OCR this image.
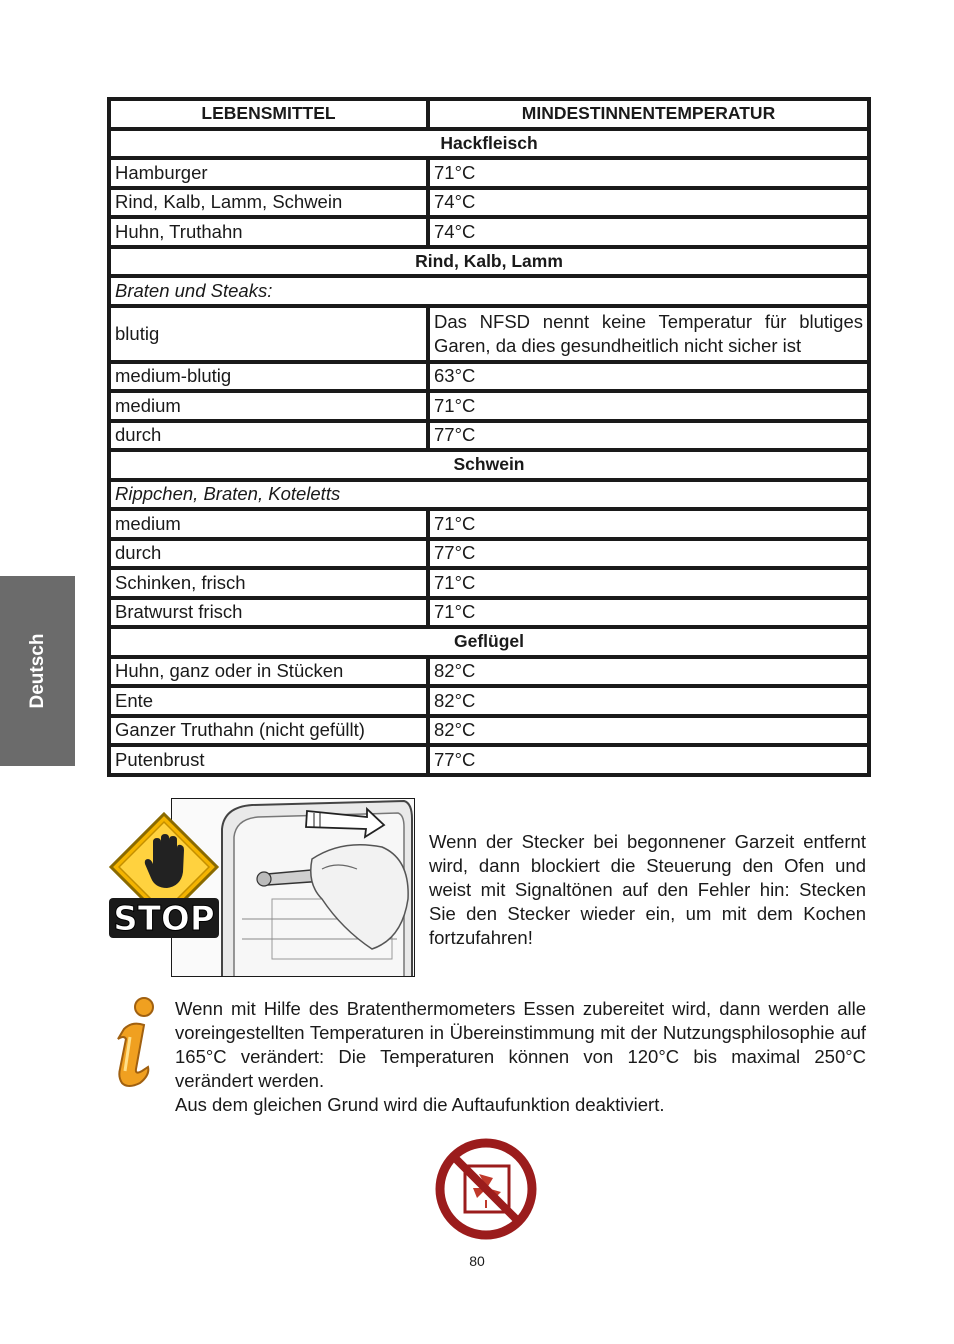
Deutsch
LEBENSMITTEL	MINDESTINNENTEMPERATUR
Hackfleisch	
Hamburger	71°C
Rind, Kalb, Lamm, Schwein	74°C
Huhn, Truthahn	74°C
Rind, Kalb, Lamm	
Braten und Steaks:	
blutig	Das NFSD nennt keine Temperatur für blutiges Garen, da dies gesundheitlich nicht sicher ist
medium-blutig	63°C
medium	71°C
durch	77°C
Schwein	
Rippchen, Braten, Koteletts	
medium	71°C
durch	77°C
Schinken, frisch	71°C
Bratwurst frisch	71°C
Geflügel	
Huhn, ganz oder in Stücken	82°C
Ente	82°C
Ganzer Truthahn (nicht gefüllt)	82°C
Putenbrust	77°C
STOP
Wenn der Stecker bei begonnener Garzeit entfernt wird, dann blockiert die Steuerung den Ofen und weist mit Signaltönen auf den Fehler hin: Stecken Sie den Stecker wieder ein, um mit dem Kochen fortzufahren!

Wenn mit Hilfe des Bratenthermometers Essen zubereitet wird, dann werden alle voreingestellten Temperaturen in Übereinstimmung mit der Nutzungsphilosophie auf 165°C verändert: Die Temperaturen können von 120°C bis maximal 250°C verändert werden.

Aus dem gleichen Grund wird die Auftaufunktion deaktiviert.

80
